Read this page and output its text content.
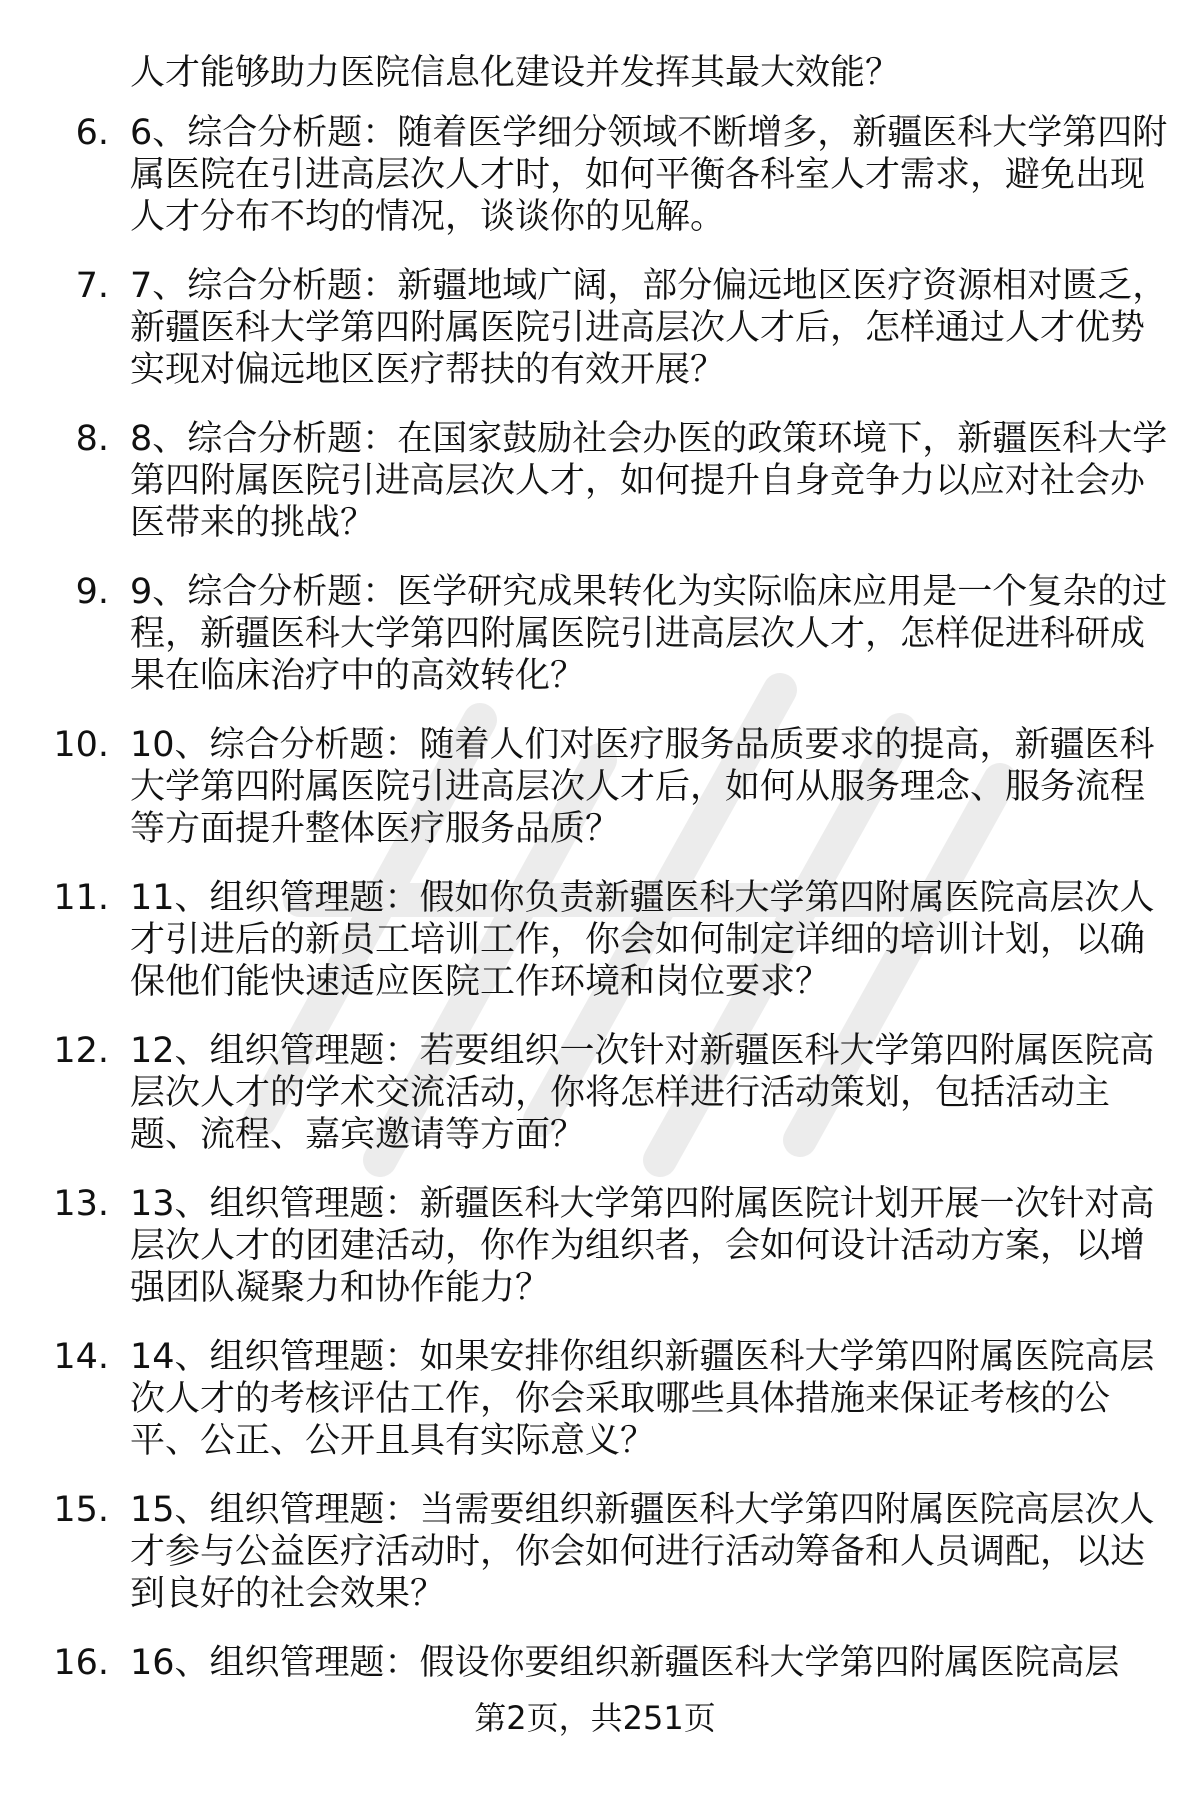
人才能够助力医院信息化建设并发挥其最大效能？
6. 6、综合分析题：随着医学细分领域不断增多，新疆医科大学第四附属医院在引进高层次人才时，如何平衡各科室人才需求，避免出现人才分布不均的情况，谈谈你的见解。
7. 7、综合分析题：新疆地域广阔，部分偏远地区医疗资源相对匮乏，新疆医科大学第四附属医院引进高层次人才后，怎样通过人才优势实现对偏远地区医疗帮扶的有效开展？
8. 8、综合分析题：在国家鼓励社会办医的政策环境下，新疆医科大学第四附属医院引进高层次人才，如何提升自身竞争力以应对社会办医带来的挑战？
9. 9、综合分析题：医学研究成果转化为实际临床应用是一个复杂的过程，新疆医科大学第四附属医院引进高层次人才，怎样促进科研成果在临床治疗中的高效转化？
10. 10、综合分析题：随着人们对医疗服务品质要求的提高，新疆医科大学第四附属医院引进高层次人才后，如何从服务理念、服务流程等方面提升整体医疗服务品质？
11. 11、组织管理题：假如你负责新疆医科大学第四附属医院高层次人才引进后的新员工培训工作，你会如何制定详细的培训计划，以确保他们能快速适应医院工作环境和岗位要求？
12. 12、组织管理题：若要组织一次针对新疆医科大学第四附属医院高层次人才的学术交流活动，你将怎样进行活动策划，包括活动主题、流程、嘉宾邀请等方面？
13. 13、组织管理题：新疆医科大学第四附属医院计划开展一次针对高层次人才的团建活动，你作为组织者，会如何设计活动方案，以增强团队凝聚力和协作能力？
14. 14、组织管理题：如果安排你组织新疆医科大学第四附属医院高层次人才的考核评估工作，你会采取哪些具体措施来保证考核的公平、公正、公开且具有实际意义？
15. 15、组织管理题：当需要组织新疆医科大学第四附属医院高层次人才参与公益医疗活动时，你会如何进行活动筹备和人员调配，以达到良好的社会效果？
16. 16、组织管理题：假设你要组织新疆医科大学第四附属医院高层
第2页，共251页
